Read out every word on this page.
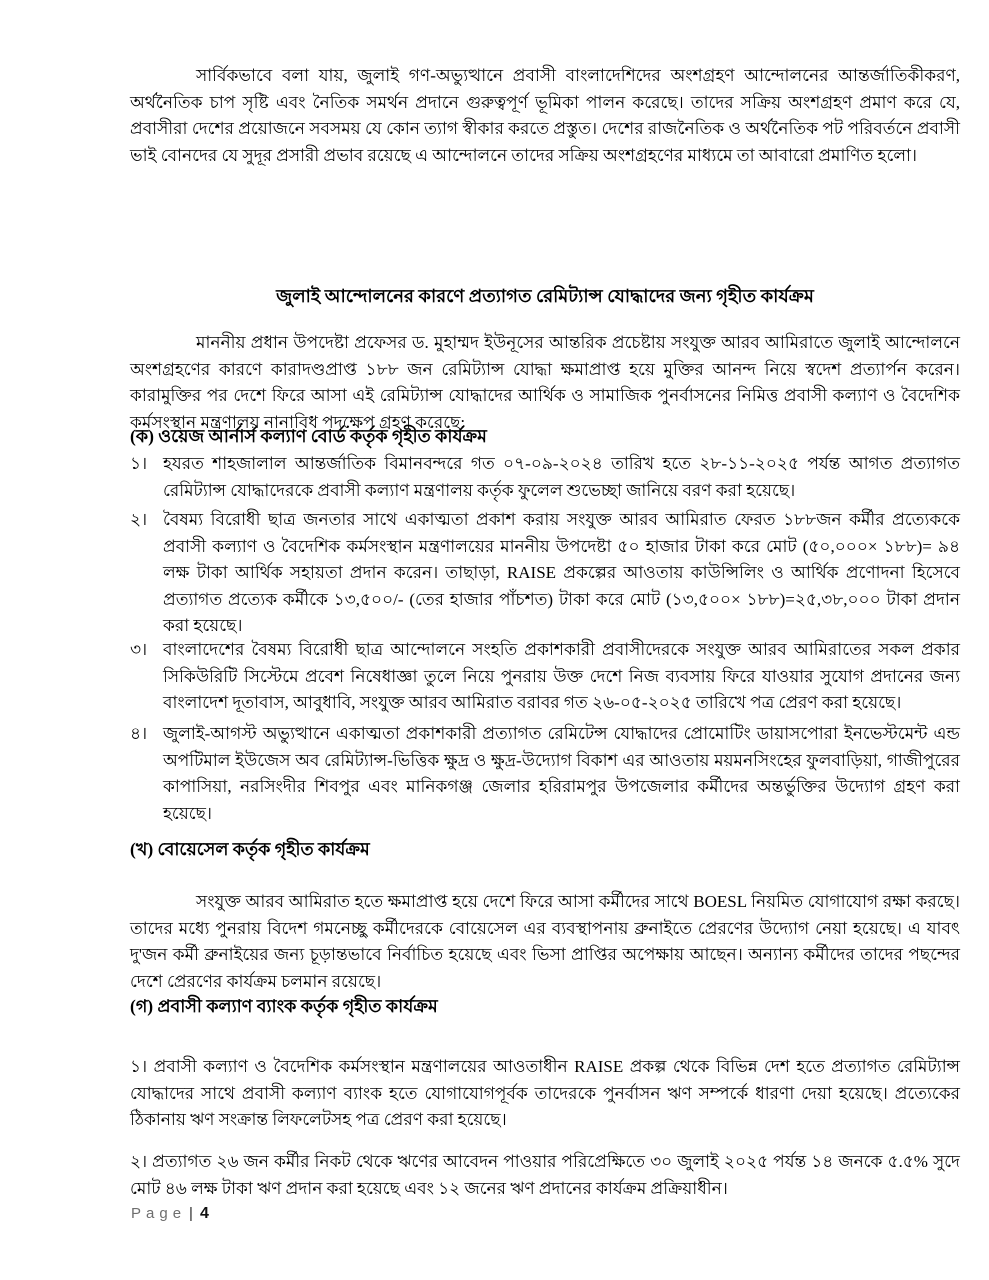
সার্বিকভাবে বলা যায়, জুলাই গণ-অভ্যুত্থানে প্রবাসী বাংলাদেশিদের অংশগ্রহণ আন্দোলনের আন্তর্জাতিকীকরণ, অর্থনৈতিক চাপ সৃষ্টি এবং নৈতিক সমর্থন প্রদানে গুরুত্বপূর্ণ ভূমিকা পালন করেছে। তাদের সক্রিয় অংশগ্রহণ প্রমাণ করে যে, প্রবাসীরা দেশের প্রয়োজনে সবসময় যে কোন ত্যাগ স্বীকার করতে প্রস্তুত। দেশের রাজনৈতিক ও অর্থনৈতিক পট পরিবর্তনে প্রবাসী ভাই বোনদের যে সুদূর প্রসারী প্রভাব রয়েছে এ আন্দোলনে তাদের সক্রিয় অংশগ্রহণের মাধ্যমে তা আবারো প্রমাণিত হলো।

জুলাই আন্দোলনের কারণে প্রত্যাগত রেমিট্যান্স যোদ্ধাদের জন্য গৃহীত কার্যক্রম

মাননীয় প্রধান উপদেষ্টা প্রফেসর ড. মুহাম্মদ ইউনূসের আন্তরিক প্রচেষ্টায় সংযুক্ত আরব আমিরাতে জুলাই আন্দোলনে অংশগ্রহণের কারণে কারাদণ্ডপ্রাপ্ত ১৮৮ জন রেমিট্যান্স যোদ্ধা ক্ষমাপ্রাপ্ত হয়ে মুক্তির আনন্দ নিয়ে স্বদেশ প্রত্যার্পন করেন। কারামুক্তির পর দেশে ফিরে আসা এই রেমিট্যান্স যোদ্ধাদের আর্থিক ও সামাজিক পুনর্বাসনের নিমিত্ত প্রবাসী কল্যাণ ও বৈদেশিক কর্মসংস্থান মন্ত্রণালয় নানাবিধ পদক্ষেপ গ্রহণ করেছে:

(ক) ওয়েজ আর্নার্স কল্যাণ বোর্ড কর্তৃক গৃহীত কার্যক্রম
১। হযরত শাহজালাল আন্তর্জাতিক বিমানবন্দরে গত ০৭-০৯-২০২৪ তারিখ হতে ২৮-১১-২০২৫ পর্যন্ত আগত প্রত্যাগত রেমিট্যান্স যোদ্ধাদেরকে প্রবাসী কল্যাণ মন্ত্রণালয় কর্তৃক ফুলেল শুভেচ্ছা জানিয়ে বরণ করা হয়েছে।
২। বৈষম্য বিরোধী ছাত্র জনতার সাথে একাত্মতা প্রকাশ করায় সংযুক্ত আরব আমিরাত ফেরত ১৮৮জন কর্মীর প্রত্যেককে প্রবাসী কল্যাণ ও বৈদেশিক কর্মসংস্থান মন্ত্রণালয়ের মাননীয় উপদেষ্টা ৫০ হাজার টাকা করে মোট (৫০,০০০× ১৮৮)= ৯৪ লক্ষ টাকা আর্থিক সহায়তা প্রদান করেন। তাছাড়া, RAISE প্রকল্পের আওতায় কাউন্সিলিং ও আর্থিক প্রণোদনা হিসেবে প্রত্যাগত প্রত্যেক কর্মীকে ১৩,৫০০/- (তের হাজার পাঁচশত) টাকা করে মোট (১৩,৫০০× ১৮৮)=২৫,৩৮,০০০ টাকা প্রদান করা হয়েছে।
৩। বাংলাদেশের বৈষম্য বিরোধী ছাত্র আন্দোলনে সংহতি প্রকাশকারী প্রবাসীদেরকে সংযুক্ত আরব আমিরাতের সকল প্রকার সিকিউরিটি সিস্টেমে প্রবেশ নিষেধাজ্ঞা তুলে নিয়ে পুনরায় উক্ত দেশে নিজ ব্যবসায় ফিরে যাওয়ার সুযোগ প্রদানের জন্য বাংলাদেশ দূতাবাস, আবুধাবি, সংযুক্ত আরব আমিরাত বরাবর গত ২৬-০৫-২০২৫ তারিখে পত্র প্রেরণ করা হয়েছে।
৪। জুলাই-আগস্ট অভ্যুত্থানে একাত্মতা প্রকাশকারী প্রত্যাগত রেমিটেন্স যোদ্ধাদের প্রোমোটিং ডায়াসপোরা ইনভেস্টমেন্ট এন্ড অপটিমাল ইউজেস অব রেমিট্যান্স-ভিত্তিক ক্ষুদ্র ও ক্ষুদ্র-উদ্যোগ বিকাশ এর আওতায় ময়মনসিংহের ফুলবাড়িয়া, গাজীপুরের কাপাসিয়া, নরসিংদীর শিবপুর এবং মানিকগঞ্জ জেলার হরিরামপুর উপজেলার কর্মীদের অন্তর্ভুক্তির উদ্যোগ গ্রহণ করা হয়েছে।
(খ) বোয়েসেল কর্তৃক গৃহীত কার্যক্রম

সংযুক্ত আরব আমিরাত হতে ক্ষমাপ্রাপ্ত হয়ে দেশে ফিরে আসা কর্মীদের সাথে BOESL নিয়মিত যোগাযোগ রক্ষা করছে। তাদের মধ্যে পুনরায় বিদেশ গমনেচ্ছু কর্মীদেরকে বোয়েসেল এর ব্যবস্থাপনায় ব্রুনাইতে প্রেরণের উদ্যোগ নেয়া হয়েছে। এ যাবৎ দু'জন কর্মী ব্রুনাইয়ের জন্য চূড়ান্তভাবে নির্বাচিত হয়েছে এবং ভিসা প্রাপ্তির অপেক্ষায় আছেন। অন্যান্য কর্মীদের তাদের পছন্দের দেশে প্রেরণের কার্যক্রম চলমান রয়েছে।

(গ) প্রবাসী কল্যাণ ব্যাংক কর্তৃক গৃহীত কার্যক্রম

১। প্রবাসী কল্যাণ ও বৈদেশিক কর্মসংস্থান মন্ত্রণালয়ের আওতাধীন RAISE প্রকল্প থেকে বিভিন্ন দেশ হতে প্রত্যাগত রেমিট্যান্স যোদ্ধাদের সাথে প্রবাসী কল্যাণ ব্যাংক হতে যোগাযোগপূর্বক তাদেরকে পুনর্বাসন ঋণ সম্পর্কে ধারণা দেয়া হয়েছে। প্রত্যেকের ঠিকানায় ঋণ সংক্রান্ত লিফলেটসহ পত্র প্রেরণ করা হয়েছে।

২। প্রত্যাগত ২৬ জন কর্মীর নিকট থেকে ঋণের আবেদন পাওয়ার পরিপ্রেক্ষিতে ৩০ জুলাই ২০২৫ পর্যন্ত ১৪ জনকে ৫.৫% সুদে মোট ৪৬ লক্ষ টাকা ঋণ প্রদান করা হয়েছে এবং ১২ জনের ঋণ প্রদানের কার্যক্রম প্রক্রিয়াধীন।

Page | 4
